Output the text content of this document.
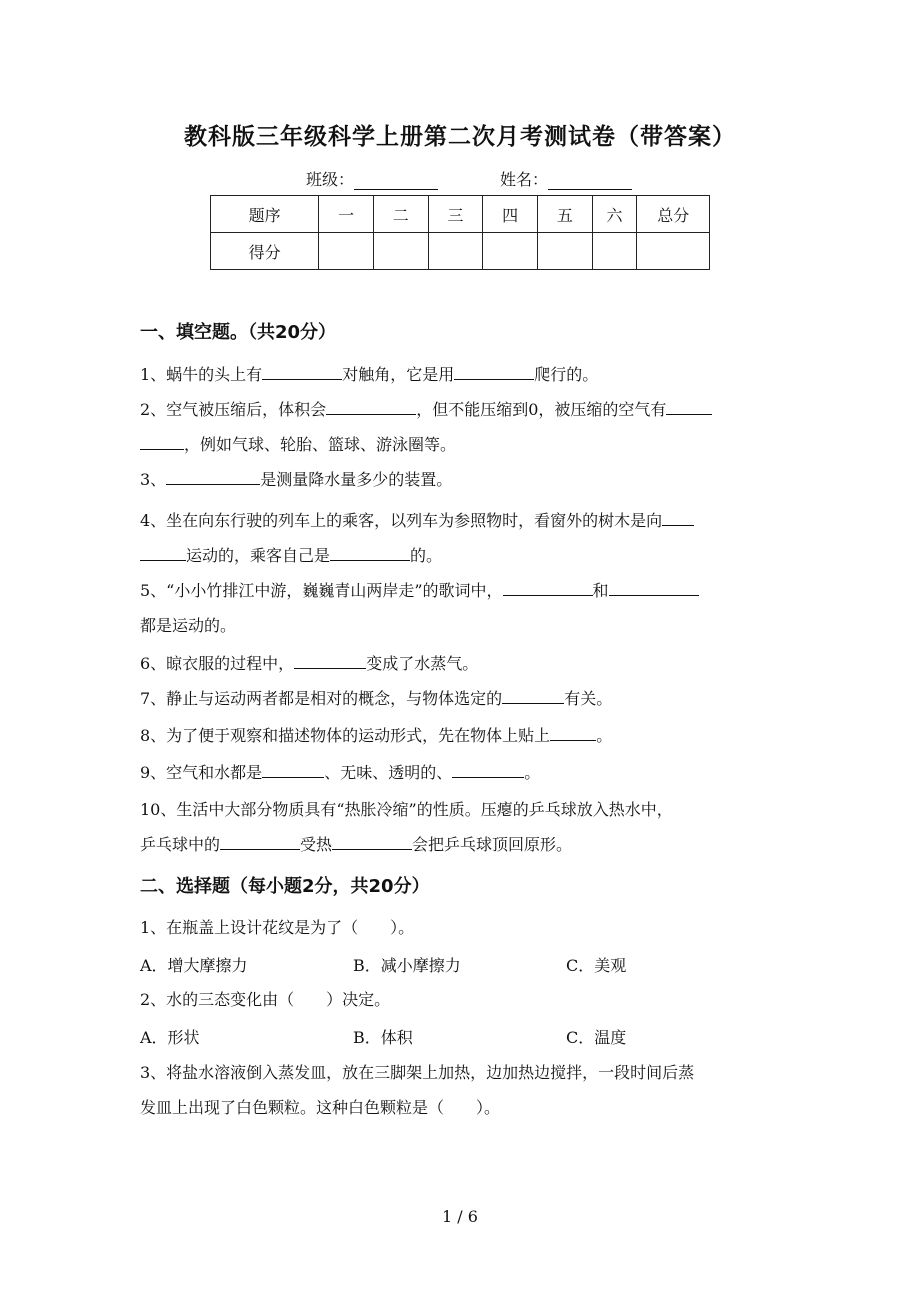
教科版三年级科学上册第二次月考测试卷（带答案）
班级：	姓名：
题序	一	二	三	四	五	六	总分
得分							
一、填空题。（共20分）
1、蜗牛的头上有	对触角，它是用	爬行的。
2、空气被压缩后，体积会	，但不能压缩到0，被压缩的空气有
，例如气球、轮胎、篮球、游泳圈等。
3、	是测量降水量多少的装置。
4、坐在向东行驶的列车上的乘客，以列车为参照物时，看窗外的树木是向
运动的，乘客自己是	的。
5、“小小竹排江中游，巍巍青山两岸走”的歌词中，	和
都是运动的。
6、晾衣服的过程中，	变成了水蒸气。
7、静止与运动两者都是相对的概念，与物体选定的	有关。
8、为了便于观察和描述物体的运动形式，先在物体上贴上	。
9、空气和水都是	、无味、透明的、	。
10、生活中大部分物质具有“热胀冷缩”的性质。压瘪的乒乓球放入热水中，
乒乓球中的	受热	会把乒乓球顶回原形。
二、选择题（每小题2分，共20分）
1、在瓶盖上设计花纹是为了（　　）。
A．增大摩擦力	B．减小摩擦力	C．美观
2、水的三态变化由（　　）决定。
A．形状	B．体积	C．温度
3、将盐水溶液倒入蒸发皿，放在三脚架上加热，边加热边搅拌，一段时间后蒸
发皿上出现了白色颗粒。这种白色颗粒是（　　）。
1 / 6
